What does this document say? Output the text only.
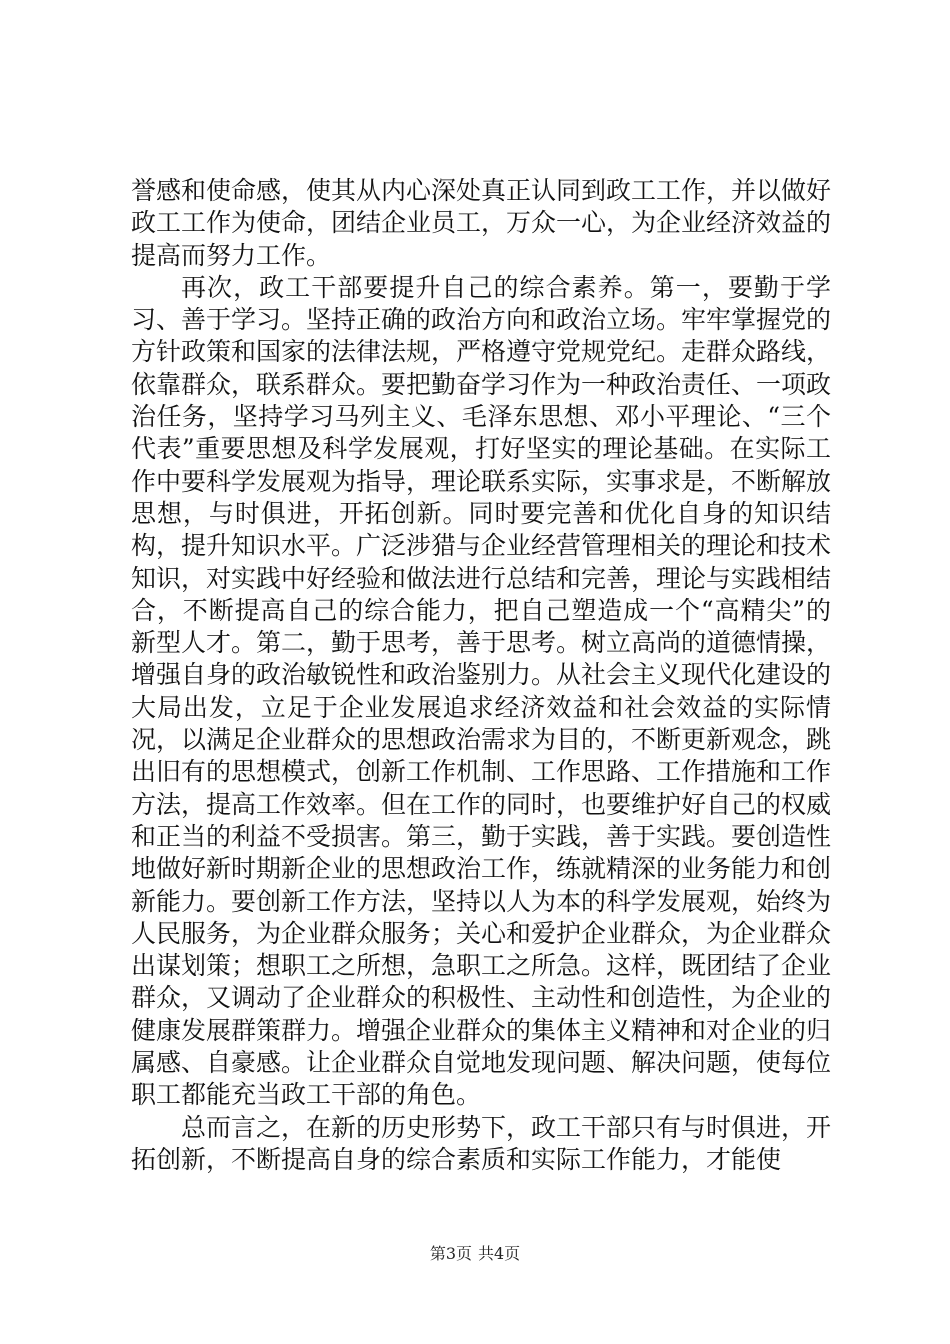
誉感和使命感，使其从内心深处真正认同到政工工作，并以做好政工工作为使命，团结企业员工，万众一心，为企业经济效益的提高而努力工作。

再次，政工干部要提升自己的综合素养。第一，要勤于学习、善于学习。坚持正确的政治方向和政治立场。牢牢掌握党的方针政策和国家的法律法规，严格遵守党规党纪。走群众路线，依靠群众，联系群众。要把勤奋学习作为一种政治责任、一项政治任务，坚持学习马列主义、毛泽东思想、邓小平理论、“三个代表”重要思想及科学发展观，打好坚实的理论基础。在实际工作中要科学发展观为指导，理论联系实际，实事求是，不断解放思想，与时俱进，开拓创新。同时要完善和优化自身的知识结构，提升知识水平。广泛涉猎与企业经营管理相关的理论和技术知识，对实践中好经验和做法进行总结和完善，理论与实践相结合，不断提高自己的综合能力，把自己塑造成一个“高精尖”的新型人才。第二，勤于思考，善于思考。树立高尚的道德情操，增强自身的政治敏锐性和政治鉴别力。从社会主义现代化建设的大局出发，立足于企业发展追求经济效益和社会效益的实际情况，以满足企业群众的思想政治需求为目的，不断更新观念，跳出旧有的思想模式，创新工作机制、工作思路、工作措施和工作方法，提高工作效率。但在工作的同时，也要维护好自己的权威和正当的利益不受损害。第三，勤于实践，善于实践。要创造性地做好新时期新企业的思想政治工作，练就精深的业务能力和创新能力。要创新工作方法，坚持以人为本的科学发展观，始终为人民服务，为企业群众服务；关心和爱护企业群众，为企业群众出谋划策；想职工之所想，急职工之所急。这样，既团结了企业群众，又调动了企业群众的积极性、主动性和创造性，为企业的健康发展群策群力。增强企业群众的集体主义精神和对企业的归属感、自豪感。让企业群众自觉地发现问题、解决问题，使每位职工都能充当政工干部的角色。

总而言之，在新的历史形势下，政工干部只有与时俱进，开拓创新，不断提高自身的综合素质和实际工作能力，才能使

第3页 共4页
